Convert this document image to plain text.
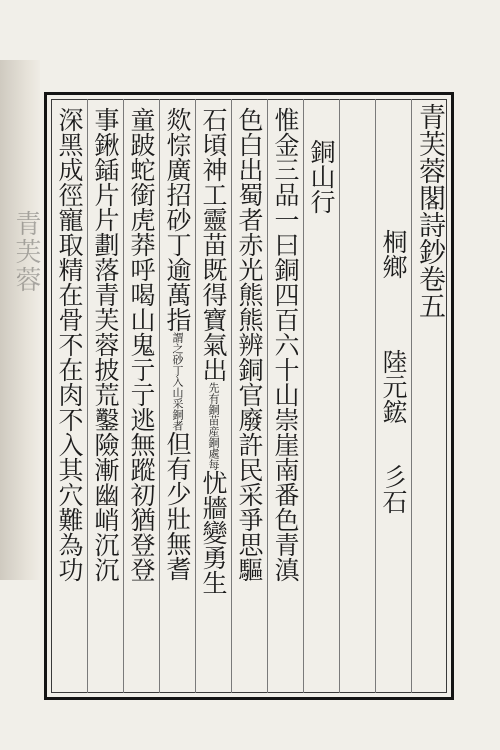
青芙蓉	青芙蓉閣詩鈔卷五
桐鄉陸元鋐彡石
銅山行
惟金三品一曰銅四百六十山崇崖南番色青滇
色白出蜀者赤光熊熊辨銅官廢許民采爭思驅
石頃神工靈苗既得寶氣出
産銅處每
先有銅苗
忧牆變勇生
欻悰廣招砂丁逾萬指
入山采銅者
謂之砂丁
但有少壯無耆
童跛蛇銜虎莽呼喝山鬼亍亍逃無蹤初猶登登
事鍬鍤片片劃落青芙蓉披荒鑿險漸幽峭沉沉
深黑成徑寵取精在骨不在肉不入其穴難為功
